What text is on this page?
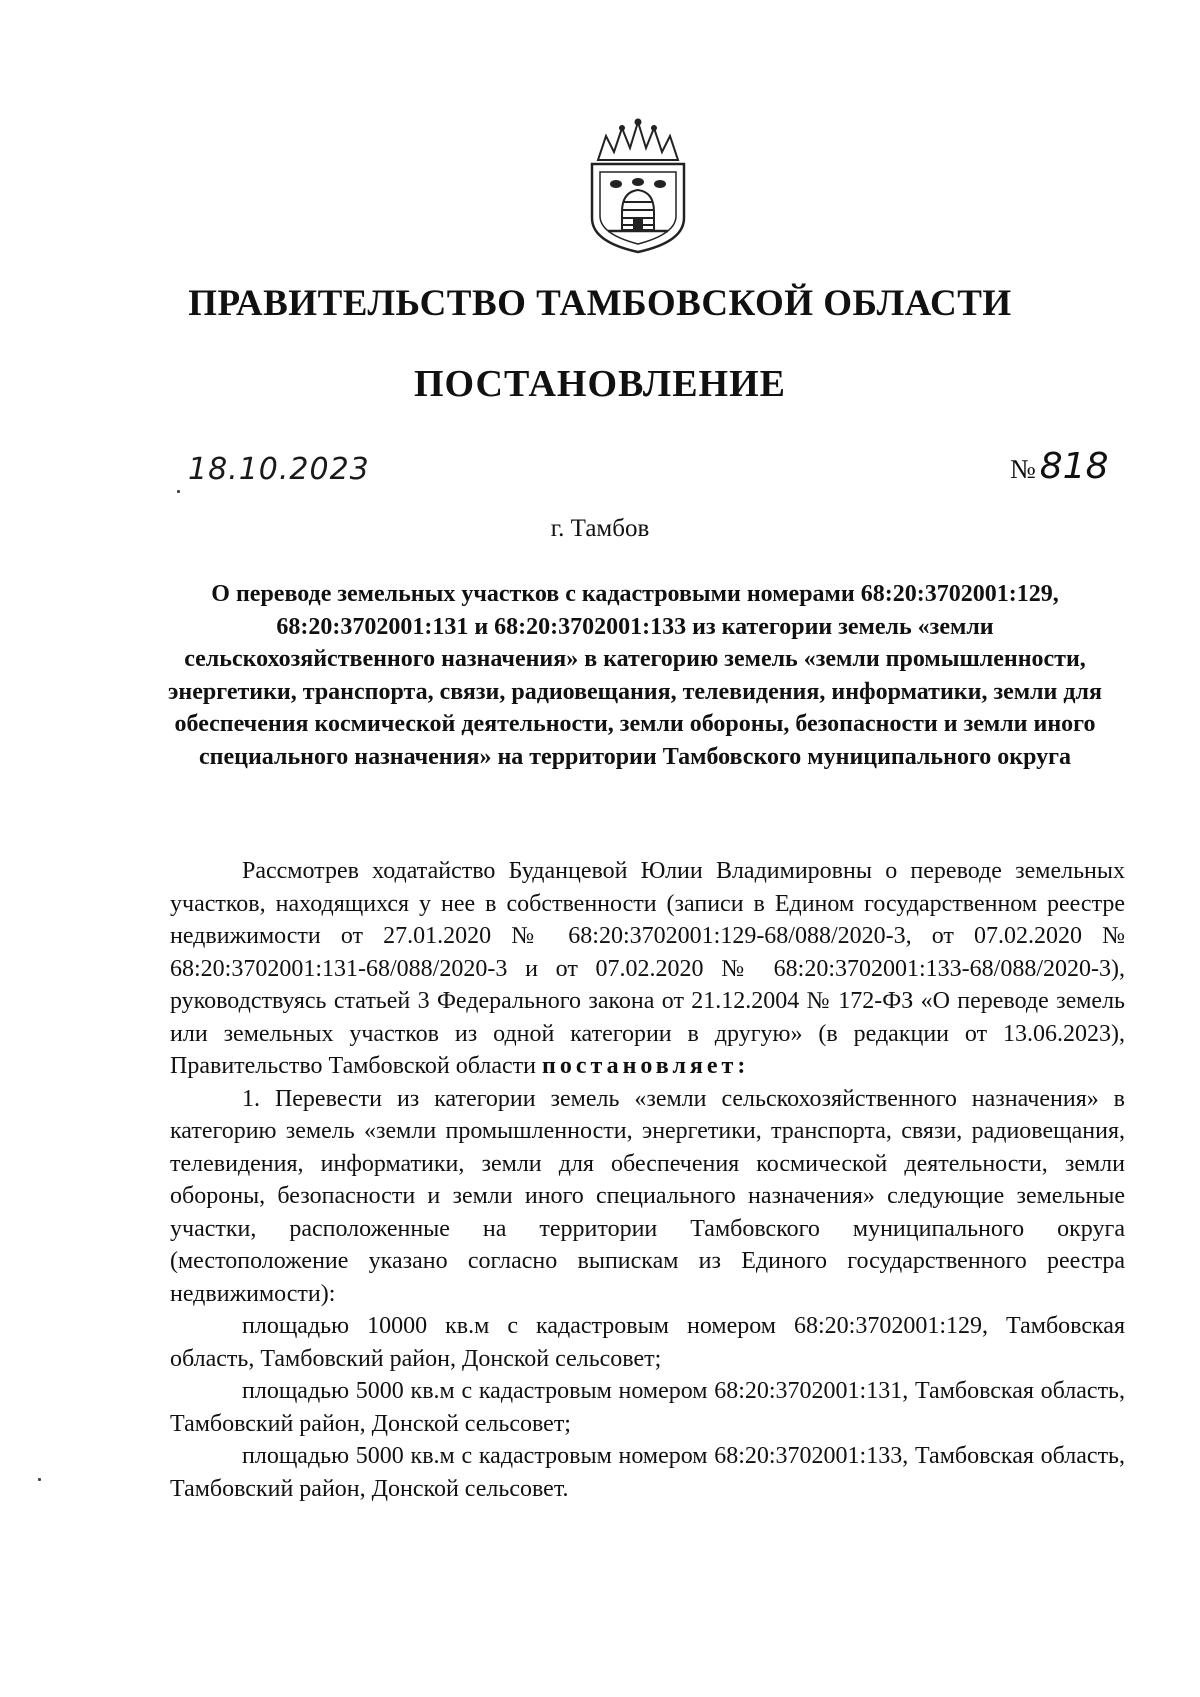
ПРАВИТЕЛЬСТВО ТАМБОВСКОЙ ОБЛАСТИ
ПОСТАНОВЛЕНИЕ
18.10.2023	№ 818
г. Тамбов
О переводе земельных участков с кадастровыми номерами 68:20:3702001:129, 68:20:3702001:131 и 68:20:3702001:133 из категории земель «земли сельскохозяйственного назначения» в категорию земель «земли промышленности, энергетики, транспорта, связи, радиовещания, телевидения, информатики, земли для обеспечения космической деятельности, земли обороны, безопасности и земли иного специального назначения» на территории Тамбовского муниципального округа

Рассмотрев ходатайство Буданцевой Юлии Владимировны о переводе земельных участков, находящихся у нее в собственности (записи в Едином государственном реестре недвижимости от 27.01.2020 № 68:20:3702001:129-68/088/2020-3, от 07.02.2020 № 68:20:3702001:131-68/088/2020-3 и от 07.02.2020 № 68:20:3702001:133-68/088/2020-3), руководствуясь статьей 3 Федерального закона от 21.12.2004 № 172-ФЗ «О переводе земель или земельных участков из одной категории в другую» (в редакции от 13.06.2023), Правительство Тамбовской области постановляет:

1. Перевести из категории земель «земли сельскохозяйственного назначения» в категорию земель «земли промышленности, энергетики, транспорта, связи, радиовещания, телевидения, информатики, земли для обеспечения космической деятельности, земли обороны, безопасности и земли иного специального назначения» следующие земельные участки, расположенные на территории Тамбовского муниципального округа (местоположение указано согласно выпискам из Единого государственного реестра недвижимости):

площадью 10000 кв.м с кадастровым номером 68:20:3702001:129, Тамбовская область, Тамбовский район, Донской сельсовет;

площадью 5000 кв.м с кадастровым номером 68:20:3702001:131, Тамбовская область, Тамбовский район, Донской сельсовет;

площадью 5000 кв.м с кадастровым номером 68:20:3702001:133, Тамбовская область, Тамбовский район, Донской сельсовет.
